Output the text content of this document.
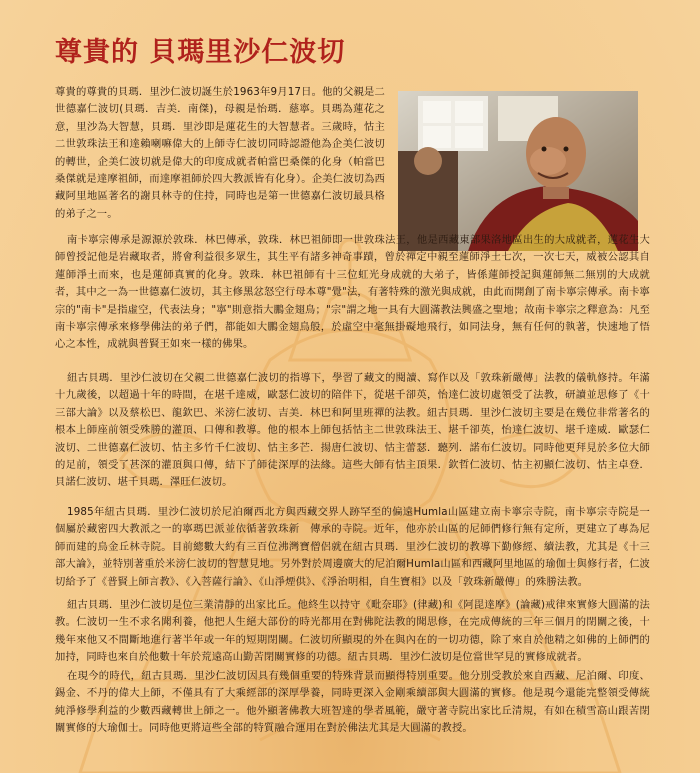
尊貴的 貝瑪里沙仁波切

尊貴的尊貴的貝瑪．里沙仁波切誕生於1963年9月17日。他的父親是二世德嘉仁波切(貝瑪．吉美．南傑)，母親是怡瑪．慈寧。貝瑪為蓮花之意，里沙為大智慧，貝瑪．里沙即是蓮花生的大智慧者。三歲時，怙主二世敦珠法王和達賴喇嘛偉大的上師寺仁波切同時認證他為企美仁波切的轉世，企美仁波切就是偉大的印度成就者帕當巴桑傑的化身（帕當巴桑傑就是達摩祖師，而達摩祖師於四大教派皆有化身）。企美仁波切為西藏阿里地區著名的謝貝林寺的住持，同時也是第一世德嘉仁波切最具格的弟子之一。

南卡寧宗傳承是源源於敦珠．林巴傳承，敦珠．林巴祖師即一世敦珠法王，他是西藏東部果洛地區出生的大成就者，蓮花生大師曾授記他是岩藏取者，將會利益很多眾生，其生平有諸多神奇事蹟，曾於禪定中親至蓮師淨土七次，一次七天，威被公認其自蓮師淨土而來，也是蓮師真實的化身。敦珠．林巴祖師有十三位虹光身成就的大弟子，皆係蓮師授記與蓮師無二無別的大成就者，其中之一為一世德嘉仁波切，其主修黑忿怒空行母本尊"覺"法，有著特殊的激光與成就，由此而開創了南卡寧宗傳承。南卡寧宗的"南卡"是指虛空，代表法身；"寧"則意指大鵬金翅鳥；"宗"謂之地一具有大圓滿教法興盛之聖地；故南卡寧宗之釋意為：凡至南卡寧宗傳承來修學佛法的弟子們，都能如大鵬金翅鳥般，於虛空中毫無掛礙地飛行，如同法身，無有任何的執著，快速地了悟心之本性，成就與普賢王如來一樣的佛果。

紐古貝瑪．里沙仁波切在父親二世德嘉仁波切的指導下，學習了藏文的閱讀、寫作以及「敦珠新嚴傳」法教的儀軌修持。年滿十九歲後，以超過十年的時間，在堪千達威，歐瑟仁波切的陪伴下，從堪千卻英，怡達仁波切處領受了法教，研讀並思修了《十三部大論》以及蔡松巴、龍欽巴、米滂仁波切、吉美．林巴和阿里班禪的法教。紐古貝瑪．里沙仁波切主要是在幾位非常著名的根本上師座前領受殊勝的灌頂、口傳和教導。他的根本上師包括怙主二世敦珠法王、堪千卻英，怡達仁波切、堪千達威．歐瑟仁波切、二世德嘉仁波切、怙主多竹千仁波切、怙主多芒．揚唐仁波切、怙主蕾瑟．聽列．諾布仁波切。同時他更拜見於多位大師的足前，領受了甚深的灌頂與口傳，結下了師徒深厚的法緣。這些大師有怙主頂果．欽哲仁波切、怙主初顯仁波切、怙主卓登．貝諾仁波切、堪千貝瑪．澤旺仁波切。

1985年紐古貝瑪．里沙仁波切於尼泊爾西北方與西藏交界人跡罕至的偏遠Humla山區建立南卡寧宗寺院，南卡寧宗寺院是一個屬於藏密四大教派之一的寧瑪巴派並依循著敦珠新　傳承的寺院。近年，他亦於山區的尼師們修行無有定所，更建立了專為尼師而建的鳥金丘林寺院。目前總數大約有三百位沸灣寶僧侶就在紐古貝瑪．里沙仁波切的教導下勤修經、續法教，尤其是《十三部大論》，並特別著重於米滂仁波切的智慧見地。另外對於周邊廣大的尼泊爾Humla山區和西藏阿里地區的瑜伽士與修行者，仁波切給予了《普賢上師言教》、《入菩薩行論》、《山淨煙供》、《淨治明相，自生寶相》以及「敦珠新嚴傳」的殊勝法教。

紐古貝瑪．里沙仁波切是位三業清靜的出家比丘。他終生以持守《毗奈耶》(律藏)和《阿毘達摩》(論藏)戒律來實修大圓滿的法教。仁波切一生不求名聞利養，他把人生絕大部份的時光都用在對佛陀法教的聞思修，在完成傳統的三年三個月的閉關之後，十幾年來他又不間斷地進行著半年或一年的短期閉關。仁波切所顯現的外在與內在的一切功德，除了來自於他精之如佛的上師們的加持，同時也來自於他數十年於荒遠高山勤苦閉關實修的功德。紐古貝瑪．里沙仁波切是位當世罕見的實修成就者。

在現今的時代，紐古貝瑪．里沙仁波切因具有幾個重要的特殊背景而顯得特別重要。他分別受教於來自西藏、尼泊爾、印度、錫金、不丹的偉大上師，不僅具有了大乘經部的深厚學養，同時更深入金剛乘續部與大圓滿的實修。他是現今還能完整領受傳統純淨修學利益的少數西藏轉世上師之一。他外顯著佛教大班智達的學者風範，嚴守著寺院出家比丘清規，有如在積雪高山跟苦閉關實修的大瑜伽士。同時他更將這些全部的特質融合運用在對於佛法尤其是大圓滿的教授。
